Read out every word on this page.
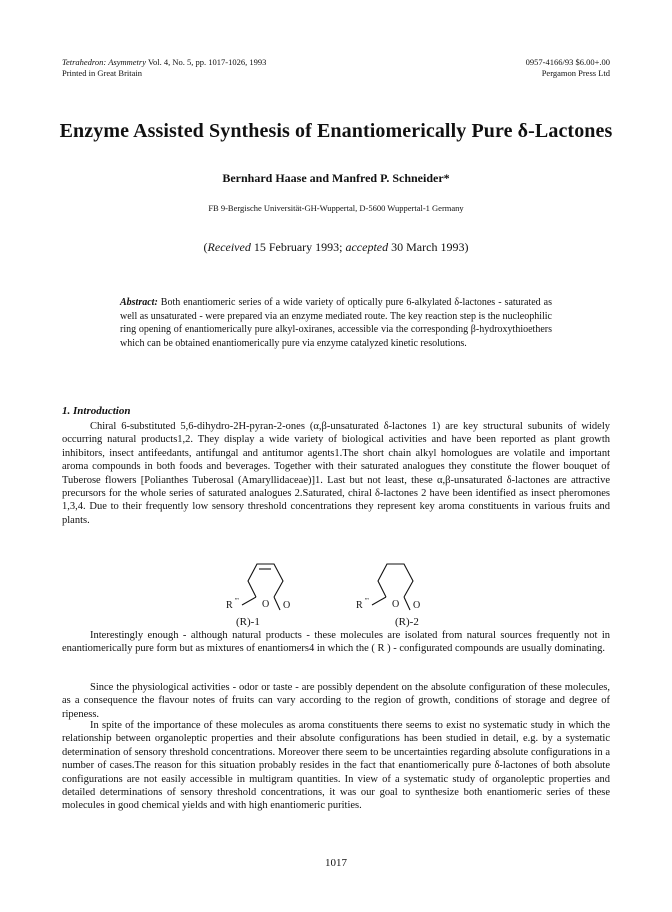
Tetrahedron: Asymmetry Vol. 4, No. 5, pp. 1017-1026, 1993
Printed in Great Britain
0957-4166/93 $6.00+.00
Pergamon Press Ltd
Enzyme Assisted Synthesis of Enantiomerically Pure δ-Lactones
Bernhard Haase and Manfred P. Schneider*
FB 9-Bergische Universität-GH-Wuppertal, D-5600 Wuppertal-1 Germany
(Received 15 February 1993; accepted 30 March 1993)
Abstract: Both enantiomeric series of a wide variety of optically pure 6-alkylated δ-lactones - saturated as well as unsaturated - were prepared via an enzyme mediated route. The key reaction step is the nucleophilic ring opening of enantiomerically pure alkyl-oxiranes, accessible via the corresponding β-hydroxythioethers which can be obtained enantiomerically pure via enzyme catalyzed kinetic resolutions.
1. Introduction
Chiral 6-substituted 5,6-dihydro-2H-pyran-2-ones (α,β-unsaturated δ-lactones 1) are key structural subunits of widely occurring natural products1,2. They display a wide variety of biological activities and have been reported as plant growth inhibitors, insect antifeedants, antifungal and antitumor agents1.The short chain alkyl homologues are volatile and important aroma compounds in both foods and beverages. Together with their saturated analogues they constitute the flower bouquet of Tuberose flowers [Polianthes Tuberosal (Amaryllidaceae)]1. Last but not least, these α,β-unsaturated δ-lactones are attractive precursors for the whole series of saturated analogues 2.Saturated, chiral δ-lactones 2 have been identified as insect pheromones 1,3,4. Due to their frequently low sensory threshold concentrations they represent key aroma constituents in various fruits and plants.
R ''' O O	R ''' O O
(R)-1	(R)-2
Interestingly enough - although natural products - these molecules are isolated from natural sources frequently not in enantiomerically pure form but as mixtures of enantiomers4 in which the ( R ) - configurated compounds are usually dominating.
Since the physiological activities - odor or taste - are possibly dependent on the absolute configuration of these molecules, as a consequence the flavour notes of fruits can vary according to the region of growth, conditions of storage and degree of ripeness.
In spite of the importance of these molecules as aroma constituents there seems to exist no systematic study in which the relationship between organoleptic properties and their absolute configurations has been studied in detail, e.g. by a systematic determination of sensory threshold concentrations. Moreover there seem to be uncertainties regarding absolute configurations in a number of cases.The reason for this situation probably resides in the fact that enantiomerically pure δ-lactones of both absolute configurations are not easily accessible in multigram quantities. In view of a systematic study of organoleptic properties and detailed determinations of sensory threshold concentrations, it was our goal to synthesize both enantiomeric series of these molecules in good chemical yields and with high enantiomeric purities.
1017
